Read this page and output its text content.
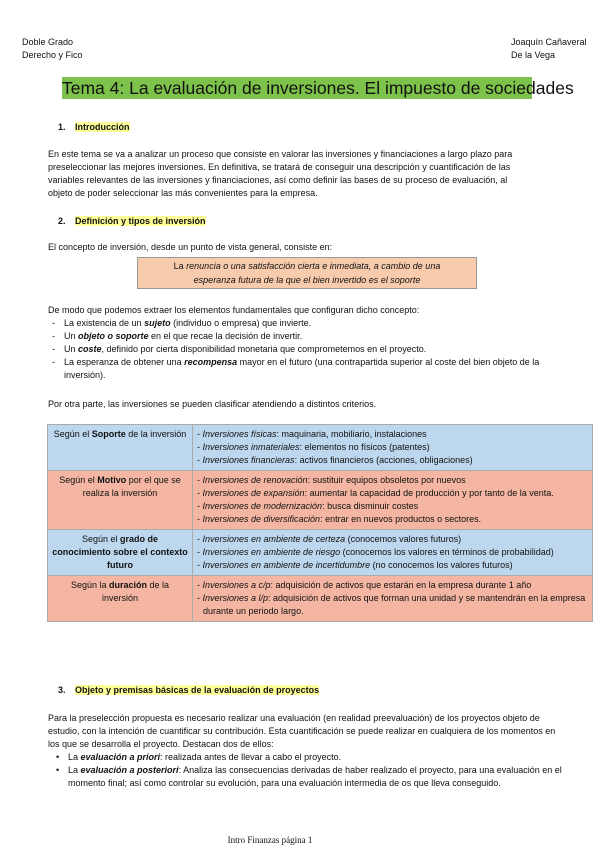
Doble Grado
Derecho y Fico
Joaquín Cañaveral
De la Vega
Tema 4: La evaluación de inversiones. El impuesto de sociedades
1. Introducción
En este tema se va a analizar un proceso que consiste en valorar las inversiones y financiaciones a largo plazo para
preseleccionar las mejores inversiones. En definitiva, se tratará de conseguir una descripción y cuantificación de las
variables relevantes de las inversiones y financiaciones, así como definir las bases de su proceso de evaluación, al
objeto de poder seleccionar las más convenientes para la empresa.
2. Definición y tipos de inversión
El concepto de inversión, desde un punto de vista general, consiste en:
La renuncia o una satisfacción cierta e inmediata, a cambio de una
esperanza futura de la que el bien invertido es el soporte
De modo que podemos extraer los elementos fundamentales que configuran dicho concepto:
- La existencia de un sujeto (individuo o empresa) que invierte.
- Un objeto o soporte en el que recae la decisión de invertir.
- Un coste, definido por cierta disponibilidad monetaria que comprometemos en el proyecto.
- La esperanza de obtener una recompensa mayor en el futuro (una contrapartida superior al coste del bien objeto de la inversión).
Por otra parte, las inversiones se pueden clasificar atendiendo a distintos criterios.
Según el Soporte de la inversión	- Inversiones físicas: maquinaria, mobiliario, instalaciones
- Inversiones inmateriales: elementos no físicos (patentes)
- Inversiones financieras: activos financieros (acciones, obligaciones)

Según el Motivo por el que se realiza la inversión	- Inversiones de renovación: sustituir equipos obsoletos por nuevos
- Inversiones de expansión: aumentar la capacidad de producción y por tanto de la venta.
- Inversiones de modernización: busca disminuir costes
- Inversiones de diversificación: entrar en nuevos productos o sectores.

Según el grado de conocimiento sobre el contexto futuro	- Inversiones en ambiente de certeza (conocemos valores futuros)
- Inversiones en ambiente de riesgo (conocemos los valores en términos de probabilidad)
- Inversiones en ambiente de incertidumbre (no conocemos los valores futuros)

Según la duración de la inversión	- Inversiones a c/p: adquisición de activos que estarán en la empresa durante 1 año
- Inversiones a l/p: adquisición de activos que forman una unidad y se mantendrán en la empresa durante un periodo largo.
3. Objeto y premisas básicas de la evaluación de proyectos
Para la preselección propuesta es necesario realizar una evaluación (en realidad preevaluación) de los proyectos objeto de estudio, con la intención de cuantificar su contribución. Esta cuantificación se puede realizar en cualquiera de los momentos en los que se desarrolla el proyecto. Destacan dos de ellos:
• La evaluación a priori: realizada antes de llevar a cabo el proyecto.
• La evaluación a posteriori: Analiza las consecuencias derivadas de haber realizado el proyecto, para una evaluación en el momento final; así como controlar su evolución, para una evaluación intermedia de os que lleva conseguido.
Intro Finanzas página 1
